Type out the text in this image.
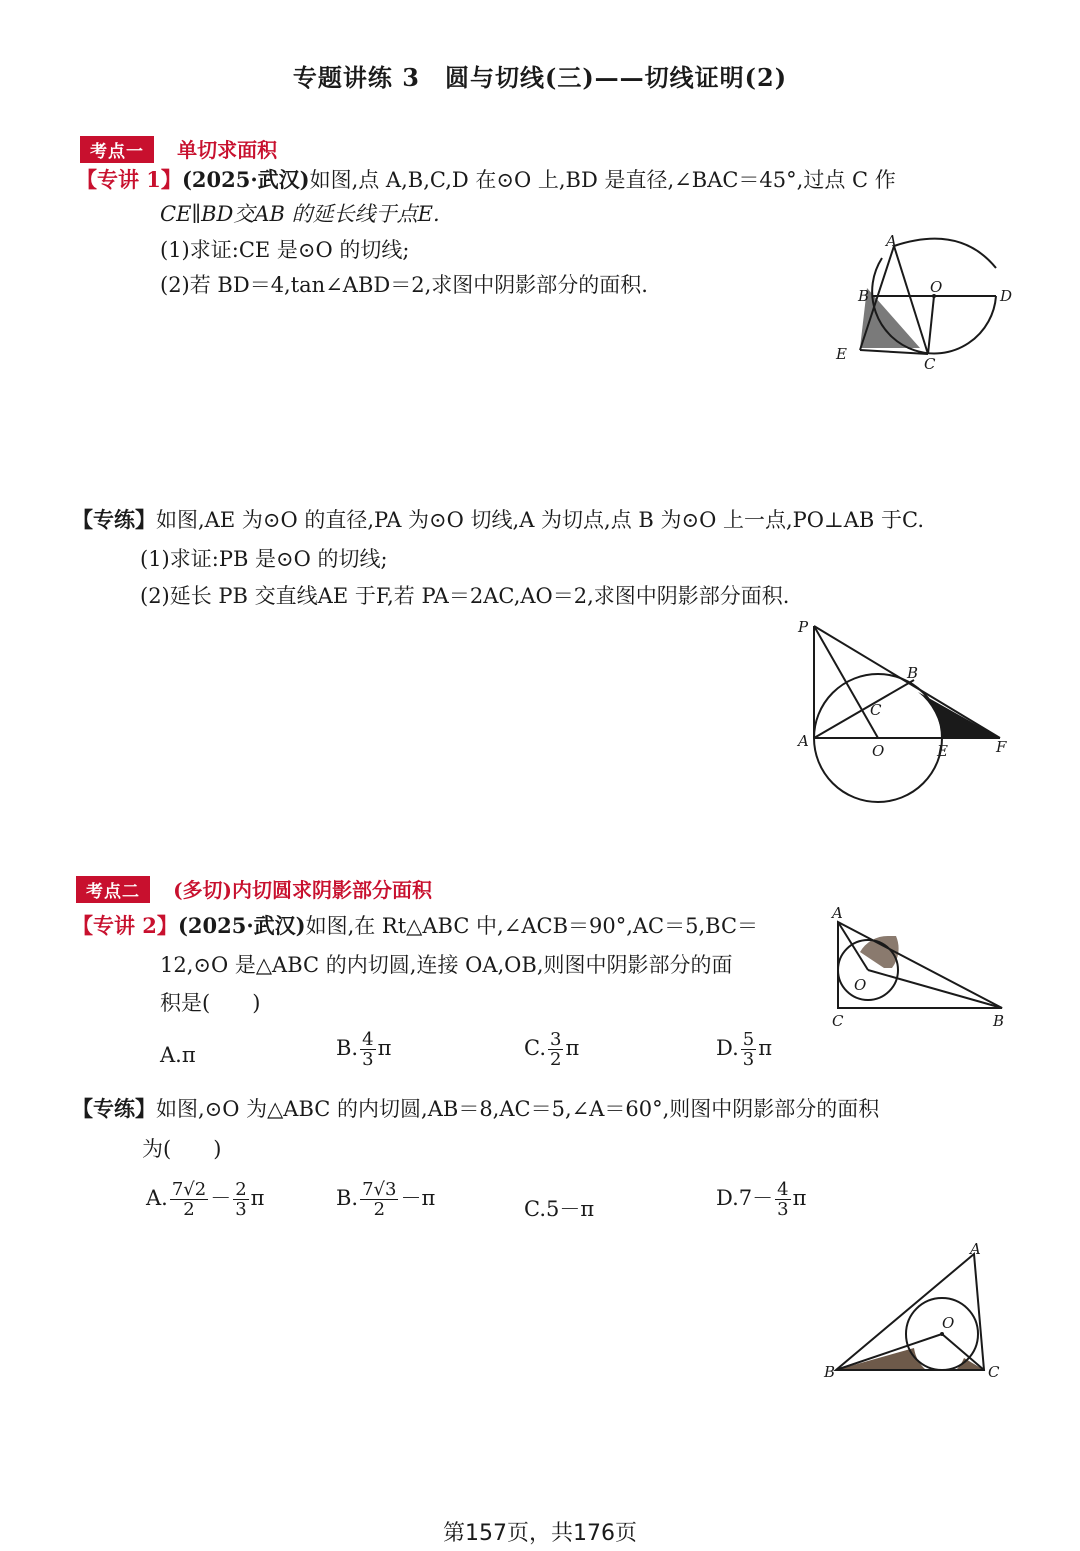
专题讲练 3　圆与切线(三)——切线证明(2)
考点一 单切求面积
【专讲 1】(2025·武汉)如图,点 A,B,C,D 在⊙O 上,BD 是直径,∠BAC＝45°,过点 C 作
CE∥BD交AB 的延长线于点E.
(1)求证:CE 是⊙O 的切线;
(2)若 BD＝4,tan∠ABD＝2,求图中阴影部分的面积.
A
B	O	D
E
C
【专练】如图,AE 为⊙O 的直径,PA 为⊙O 切线,A 为切点,点 B 为⊙O 上一点,PO⊥AB 于C.
(1)求证:PB 是⊙O 的切线;
(2)延长 PB 交直线AE 于F,若 PA＝2AC,AO＝2,求图中阴影部分面积.
P
B
C
A
O	E	F
考点二 (多切)内切圆求阴影部分面积
【专讲 2】(2025·武汉)如图,在 Rt△ABC 中,∠ACB＝90°,AC＝5,BC＝
12,⊙O 是△ABC 的内切圆,连接 OA,OB,则图中阴影部分的面
积是(　　)
A.π	B. $\frac{4}{3}$ π	C. $\frac{3}{2}$ π	D. $\frac{5}{3}$ π
A
O
C	B
【专练】如图,⊙O 为△ABC 的内切圆,AB＝8,AC＝5,∠A＝60°,则图中阴影部分的面积
为(　　)
A. $\frac{7√2}{2} - \frac{2}{3}$ π	B. $\frac{7√3}{2} -\pi$	C.5－π	$D.7- \frac{4}{3}$ π
A
O
B	C
第157页，共176页
